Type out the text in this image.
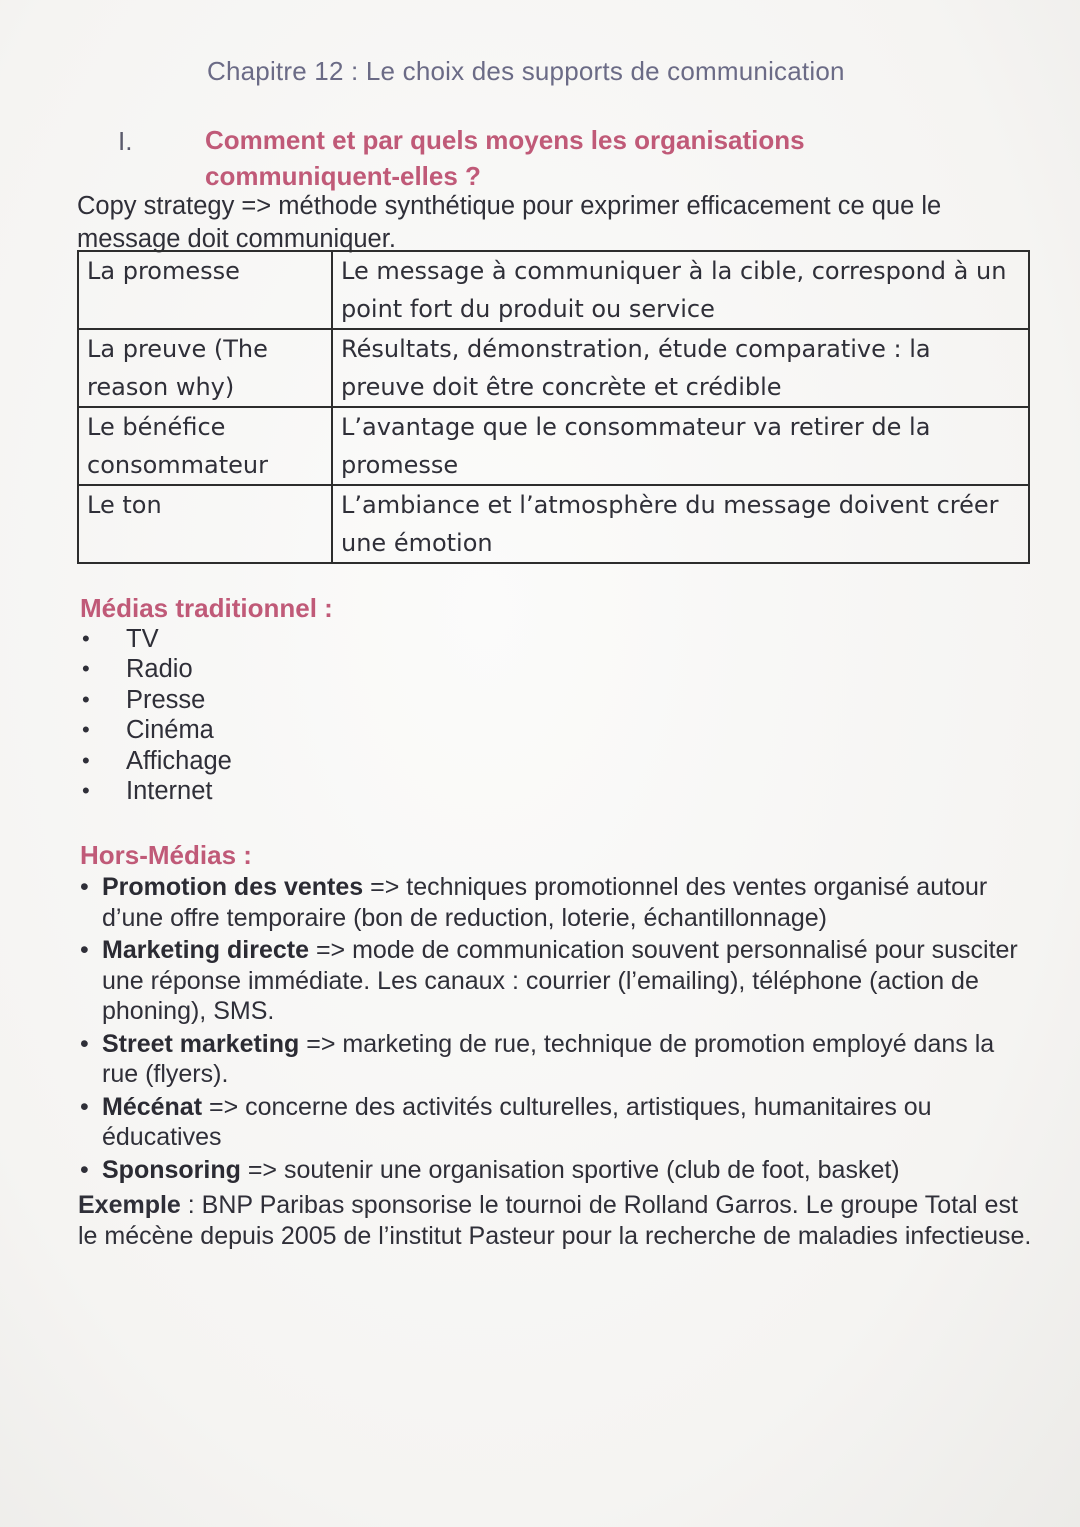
Chapitre 12 : Le choix des supports de communication
I.	Comment et par quels moyens les organisations communiquent-elles ?
Copy strategy => méthode synthétique pour exprimer efficacement ce que le message doit communiquer.
La promesse	Le message à communiquer à la cible, correspond à un point fort du produit ou service
La preuve (The reason why)	Résultats, démonstration, étude comparative : la preuve doit être concrète et crédible
Le bénéfice consommateur	L’avantage que le consommateur va retirer de la promesse
Le ton	L’ambiance et l’atmosphère du message doivent créer une émotion
Médias traditionnel :
• TV
• Radio
• Presse
• Cinéma
• Affichage
• Internet
Hors-Médias :
• Promotion des ventes => techniques promotionnel des ventes organisé autour d’une offre temporaire (bon de reduction, loterie, échantillonnage)
• Marketing directe => mode de communication souvent personnalisé pour susciter une réponse immédiate. Les canaux : courrier (l’emailing), téléphone (action de phoning), SMS.
• Street marketing => marketing de rue, technique de promotion employé dans la rue (flyers).
• Mécénat => concerne des activités culturelles, artistiques, humanitaires ou éducatives
• Sponsoring => soutenir une organisation sportive (club de foot, basket)
Exemple : BNP Paribas sponsorise le tournoi de Rolland Garros. Le groupe Total est le mécène depuis 2005 de l’institut Pasteur pour la recherche de maladies infectieuse.
